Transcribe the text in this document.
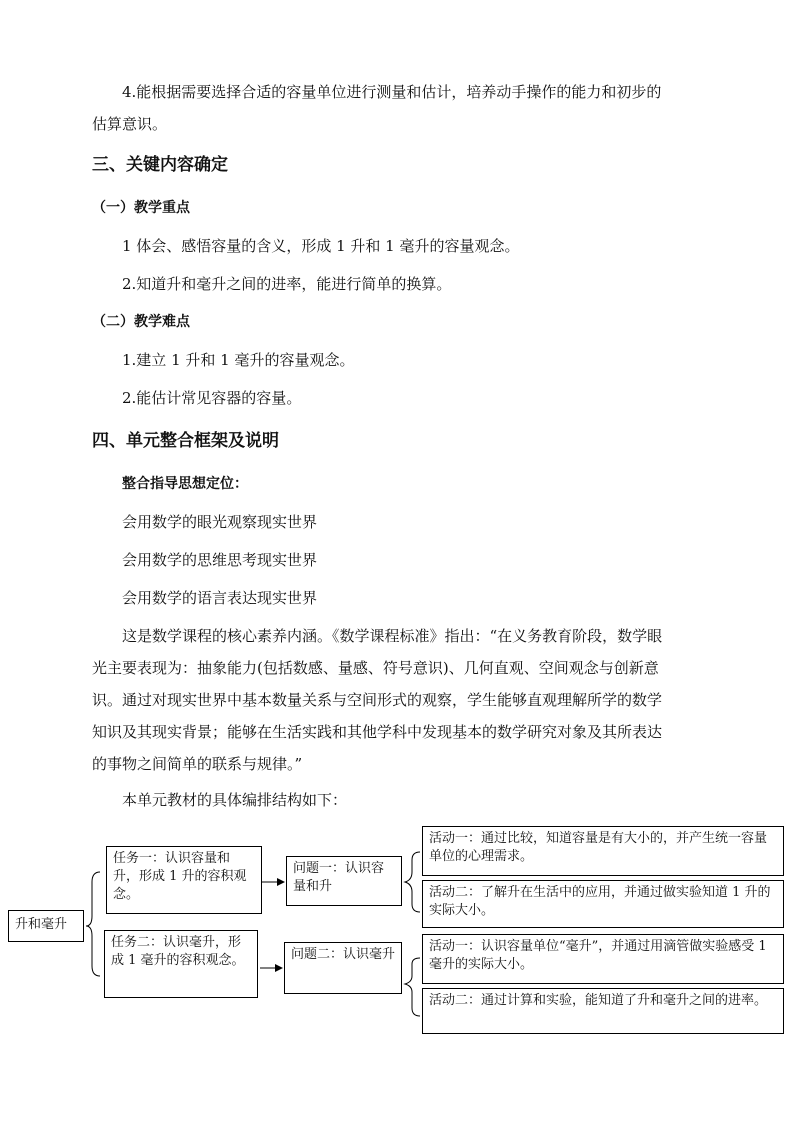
4.能根据需要选择合适的容量单位进行测量和估计，培养动手操作的能力和初步的
估算意识。
三、关键内容确定
（一）教学重点
1 体会、感悟容量的含义，形成 1 升和 1 毫升的容量观念。
2.知道升和毫升之间的进率，能进行简单的换算。
（二）教学难点
1.建立 1 升和 1 毫升的容量观念。
2.能估计常见容器的容量。
四、单元整合框架及说明
整合指导思想定位：
会用数学的眼光观察现实世界
会用数学的思维思考现实世界
会用数学的语言表达现实世界
这是数学课程的核心素养内涵。《数学课程标准》指出：“在义务教育阶段，数学眼
光主要表现为：抽象能力(包括数感、量感、符号意识)、几何直观、空间观念与创新意
识。通过对现实世界中基本数量关系与空间形式的观察，学生能够直观理解所学的数学
知识及其现实背景；能够在生活实践和其他学科中发现基本的数学研究对象及其所表达
的事物之间简单的联系与规律。”
本单元教材的具体编排结构如下：
升和毫升
任务一：认识容量和升，形成 1 升的容积观念。
任务二：认识毫升，形成 1 毫升的容积观念。
问题一：认识容量和升
问题二：认识毫升
活动一：通过比较，知道容量是有大小的，并产生统一容量单位的心理需求。
活动二：了解升在生活中的应用，并通过做实验知道 1 升的实际大小。
活动一：认识容量单位“毫升”，并通过用滴管做实验感受 1 毫升的实际大小。
活动二：通过计算和实验，能知道了升和毫升之间的进率。
